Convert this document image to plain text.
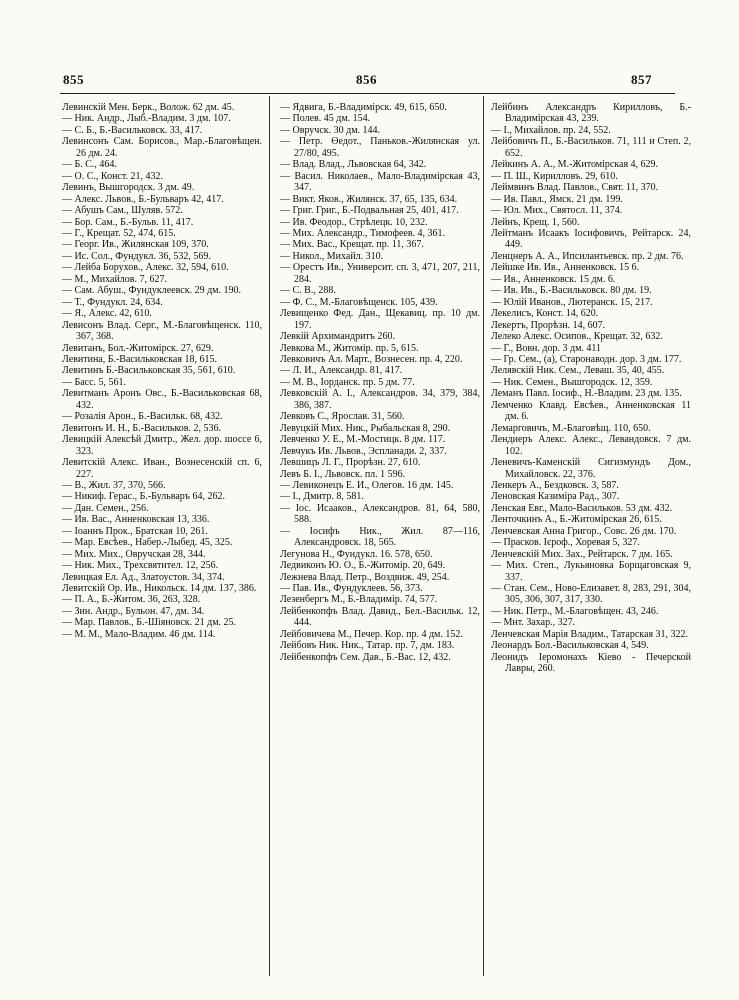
855	856	857
Левинскій Мен. Берк., Волож. 62 дм. 45.
— Ник. Андр., Лыб.-Владим. 3 дм. 107.
— С. Б., Б.-Васильковск. 33, 417.
Левинсонъ Сам. Борисов., Мар.-Благовѣщен. 26 дм. 24.
— Б. С., 464.
— О. С., Конст. 21, 432.
Левинъ, Вышгородск. 3 дм. 49.
— Алекс. Львов., Б.-Бульваръ 42, 417.
— Абушъ Сам., Шуляв. 572.
— Бор. Сам., Б.-Бульв. 11, 417.
— Г., Крещат. 52, 474, 615.
— Георг. Ив., Жилянская 109, 370.
— Ис. Сол., Фундукл. 36, 532, 569.
— Лейба Борухов., Алекс. 32, 594, 610.
— М., Михайлов. 7, 627.
— Сам. Абуш., Фундуклеевск. 29 дм. 190.
— Т., Фундукл. 24, 634.
— Я., Алекс. 42, 610.
Левисонъ Влад. Серг., М.-Благовѣщенск. 110, 367, 368.
Левитанъ, Бол.-Житомірск. 27, 629.
Левитина, Б.-Васильковская 18, 615.
Левитинъ Б.-Васильковская 35, 561, 610.
— Басс. 5, 561.
Левитманъ Аронъ Овс., Б.-Васильковская 68, 432.
— Розалія Арон., Б.-Васильк. 68, 432.
Левитонъ И. Н., Б.-Васильков. 2, 536.
Левицкій Алексѣй Дмитр., Жел. дор. шоссе 6, 323.
Левитскій Алекс. Иван., Вознесенскій сп. 6, 227.
— В., Жил. 37, 370, 566.
— Никиф. Герас., Б.-Бульваръ 64, 262.
— Дан. Семен., 256.
— Ив. Вас., Анненковская 13, 336.
— Іоаннъ Прок., Братская 10, 261.
— Мар. Евсѣев., Набер.-Лыбед. 45, 325.
— Мих. Мих., Овручская 28, 344.
— Ник. Мих., Трехсвятител. 12, 256.
Левицкая Ел. Ад., Златоустов. 34, 374.
Левитскій Ор. Ив., Никольск. 14 дм. 137, 386.
— П. А., Б.-Житом. 36, 263, 328.
— Зин. Андр., Бульон. 47, дм. 34.
— Мар. Павлов., Б.-Шіяновск. 21 дм. 25.
— М. М., Мало-Владим. 46 дм. 114.
— Ядвига, Б.-Владимірск. 49, 615, 650.
— Полев. 45 дм. 154.
— Овручск. 30 дм. 144.
— Петр. Өедот., Паньков.-Жилянская ул. 27/80, 495.
— Влад. Влад., Львовская 64, 342.
— Васил. Николаев., Мало-Владимірская 43, 347.
— Викт. Яков., Жилянск. 37, 65, 135, 634.
— Григ. Григ., Б.-Подвальная 25, 401, 417.
— Ив. Феодор., Стрѣлецк. 10, 232.
— Мих. Александр., Тимофеев. 4, 361.
— Мих. Вас., Крещат. пр. 11, 367.
— Никол., Михайл. 310.
— Орестъ Ив., Университ. сп. 3, 471, 207, 211, 284.
— С. В., 288.
— Ф. С., М.-Благовѣщенск. 105, 439.
Левищенко Фед. Дан., Щекавиц. пр. 10 дм. 197.
Левкій Архимандритъ 260.
Левкова М., Житомір. пр. 5, 615.
Левковичъ Ал. Март., Вознесен. пр. 4, 220.
— Л. И., Александр. 81, 417.
— М. В., Іорданск. пр. 5 дм. 77.
Левковскій А. І., Александров. 34, 379, 384, 386, 387.
Левковъ С., Ярослав. 31, 560.
Левуцкій Мих. Ник., Рыбальская 8, 290.
Левченко У. Е., М.-Мостицк. 8 дм. 117.
Левчукъ Ив. Львов., Эспланади. 2, 337.
Левшицъ Л. Г., Прорѣзн. 27, 610.
Левъ Б. І., Львовск. пл. 1 596.
— Левиконецъ Е. И., Олегов. 16 дм. 145.
— І., Дмитр. 8, 581.
— Іос. Исааков., Александров. 81, 64, 580, 588.
— Іосифъ Ник., Жил. 87—116, Александровск. 18, 565.
Легунова Н., Фундукл. 16. 578, 650.
Ледвиконъ Ю. О., Б.-Житомір. 20, 649.
Лежнева Влад. Петр., Воздвиж. 49, 254.
— Пав. Ив., Фундуклеев. 56, 373.
Лезенбергъ М., Б.-Владимір. 74, 577.
Лейбенкопфъ Влад. Давид., Бел.-Васильк. 12, 444.
Лейбовичева М., Печер. Кор. пр. 4 дм. 152.
Лейбовъ Ник. Ник., Татар. пр. 7, дм. 183.
Лейбенкопфъ Сем. Дав., Б.-Вас. 12, 432.
Лейбинъ Александръ Кирилловъ, Б.-Владимірская 43, 239.
— І., Михайлов. пр. 24, 552.
Лейбовичъ П., Б.-Васильков. 71, 111 и Степ. 2, 652.
Лейкинъ А. А., М.-Житомірская 4, 629.
— П. Ш., Кирилловъ. 29, 610.
Леймвинъ Влад. Павлов., Свят. 11, 370.
— Ив. Павл., Ямск. 21 дм. 199.
— Юл. Мих., Святосл. 11, 374.
Лейнъ, Крещ. 1, 560.
Лейтманъ Исаакъ Іосифовичъ, Рейтарск. 24, 449.
Ленцнеръ А. А., Ипсилантьевск. пр. 2 дм. 76.
Лейшке Ив. Ив., Анненковск. 15 6.
— Ив., Анненковск. 15 дм. 6.
— Ив. Ив., Б.-Васильковск. 80 дм. 19.
— Юлій Иванов., Лютеранск. 15, 217.
Лекелисъ, Конст. 14, 620.
Лекертъ, Прорѣзн. 14, 607.
Лелеко Алекс. Осипов., Крещат. 32, 632.
— Г., Вовн. дор. 3 дм. 411
— Гр. Сем., (а), Старонаводн. дор. 3 дм. 177.
Лелявскій Ник. Сем., Леваш. 35, 40, 455.
— Ник. Семен., Вышгородск. 12, 359.
Леманъ Павл. Іосиф., Н.-Владим. 23 дм. 135.
Лемченко Клавд. Евсѣев., Анненковская 11 дм. 6.
Лемарговичъ, М.-Благовѣщ. 110, 650.
Лендиеръ Алекс. Алекс., Левандовск. 7 дм. 102.
Леневичъ-Каменскій Сигизмундъ Дом., Михайловск. 22, 376.
Ленкеръ А., Бездковск. 3, 587.
Леновская Казиміра Рад., 307.
Ленская Евг., Мало-Васильков. 53 дм. 432.
Ленточкинъ А., Б.-Житомірская 26, 615.
Ленчевская Анна Григор., Совс. 26 дм. 170.
— Прасков. Ієроф., Хоревая 5, 327.
Ленчевскій Мих. Зах., Рейтарск. 7 дм. 165.
— Мих. Степ., Лукьяновка Борщаговская 9, 337.
— Стан. Сем., Ново-Елизавет. 8, 283, 291, 304, 305, 306, 307, 317, 330.
— Ник. Петр., М.-Благовѣщен. 43, 246.
— Мнт. Захар., 327.
Ленчевская Марія Владим., Татарская 31, 322.
Леонардъ Бол.-Васильковская 4, 549.
Леонидъ Іеромонахъ Кіево - Печерской Лавры, 260.
